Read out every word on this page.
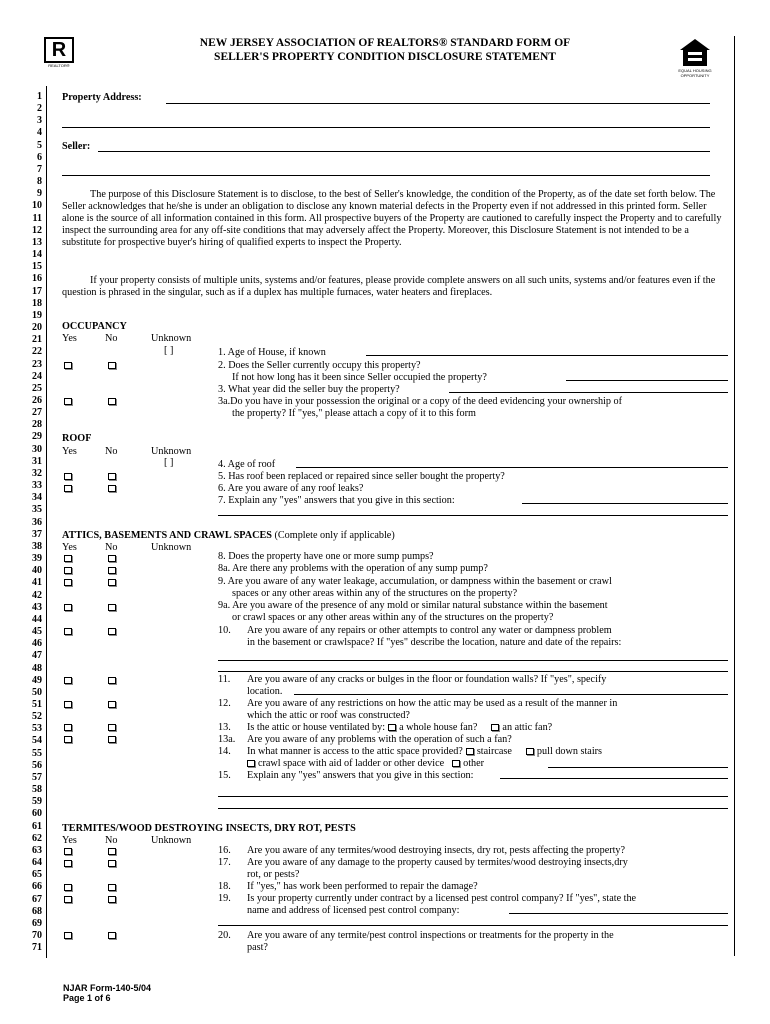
R
REALTOR®
EQUAL HOUSING OPPORTUNITY
NEW JERSEY ASSOCIATION OF REALTORS® STANDARD FORM OF
SELLER'S PROPERTY CONDITION DISCLOSURE STATEMENT
1
2
3
4
5
6
7
8
9
10
11
12
13
14
15
16
17
18
19
20
21
22
23
24
25
26
27
28
29
30
31
32
33
34
35
36
37
38
39
40
41
42
43
44
45
46
47
48
49
50
51
52
53
54
55
56
57
58
59
60
61
62
63
64
65
66
67
68
69
70
71
Property Address:
Seller:
The purpose of this Disclosure Statement is to disclose, to the best of Seller's knowledge, the condition of the Property, as of the date set forth below. The Seller acknowledges that he/she is under an obligation to disclose any known material defects in the Property even if not addressed in this printed form. Seller alone is the source of all information contained in this form. All prospective buyers of the Property are cautioned to carefully inspect the Property and to carefully inspect the surrounding area for any off-site conditions that may adversely affect the Property. Moreover, this Disclosure Statement is not intended to be a substitute for prospective buyer's hiring of qualified experts to inspect the Property.
If your property consists of multiple units, systems and/or features, please provide complete answers on all such units, systems and/or features even if the question is phrased in the singular, such as if a duplex has multiple furnaces, water heaters and fireplaces.
OCCUPANCY
Yes	No	Unknown
[ ]	1. Age of House, if known
2. Does the Seller currently occupy this property?
If not how long has it been since Seller occupied the property?
3. What year did the seller buy the property?
3a.Do you have in your possession the original or a copy of the deed evidencing your ownership of
the property? If "yes," please attach a copy of it to this form
ROOF
Yes	No	Unknown
[ ]	4. Age of roof
5. Has roof been replaced or repaired since seller bought the property?
6. Are you aware of any roof leaks?
7. Explain any "yes" answers that you give in this section:
ATTICS, BASEMENTS AND CRAWL SPACES (Complete only if applicable)
Yes	No	Unknown
8. Does the property have one or more sump pumps?
8a. Are there any problems with the operation of any sump pump?
9. Are you aware of any water leakage, accumulation, or dampness within the basement or crawl
spaces or any other areas within any of the structures on the property?
9a. Are you aware of the presence of any mold or similar natural substance within the basement
or crawl spaces or any other areas within any of the structures on the property?
10. Are you aware of any repairs or other attempts to control any water or dampness problem
in the basement or crawlspace? If "yes" describe the location, nature and date of the repairs:
11. Are you aware of any cracks or bulges in the floor or foundation walls? If "yes", specify
location.
12. Are you aware of any restrictions on how the attic may be used as a result of the manner in
which the attic or roof was constructed?
13. Is the attic or house ventilated by: a whole house fan? an attic fan?
13a. Are you aware of any problems with the operation of such a fan?
14. In what manner is access to the attic space provided? staircase pull down stairs
crawl space with aid of ladder or other device other
15. Explain any "yes" answers that you give in this section:
TERMITES/WOOD DESTROYING INSECTS, DRY ROT, PESTS
Yes	No	Unknown
16. Are you aware of any termites/wood destroying insects, dry rot, pests affecting the property?
17. Are you aware of any damage to the property caused by termites/wood destroying insects,dry
rot, or pests?
18. If "yes," has work been performed to repair the damage?
19. Is your property currently under contract by a licensed pest control company? If "yes", state the
name and address of licensed pest control company:
20. Are you aware of any termite/pest control inspections or treatments for the property in the
past?
NJAR Form-140-5/04
Page 1 of 6
